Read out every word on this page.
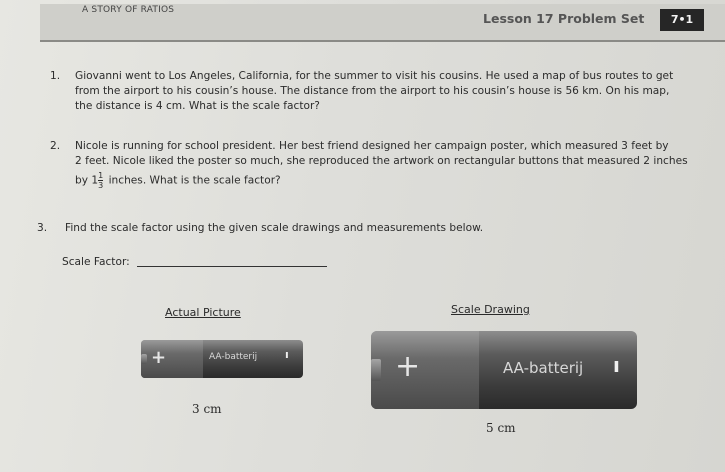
A STORY OF RATIOS
Lesson 17 Problem Set	7•1
1. Giovanni went to Los Angeles, California, for the summer to visit his cousins. He used a map of bus routes to get
from the airport to his cousin’s house. The distance from the airport to his cousin’s house is 56 km. On his map,
the distance is 4 cm. What is the scale factor?
2. Nicole is running for school president. Her best friend designed her campaign poster, which measured 3 feet by
2 feet. Nicole liked the poster so much, she reproduced the artwork on rectangular buttons that measured 2 inches
by $1 \frac{1}{3}$ inches. What is the scale factor?
3. Find the scale factor using the given scale drawings and measurements below.
Scale Factor:
Actual Picture
+	AA-batterij	ı
3 cm
Scale Drawing
+	AA-batterij ı
5 cm
